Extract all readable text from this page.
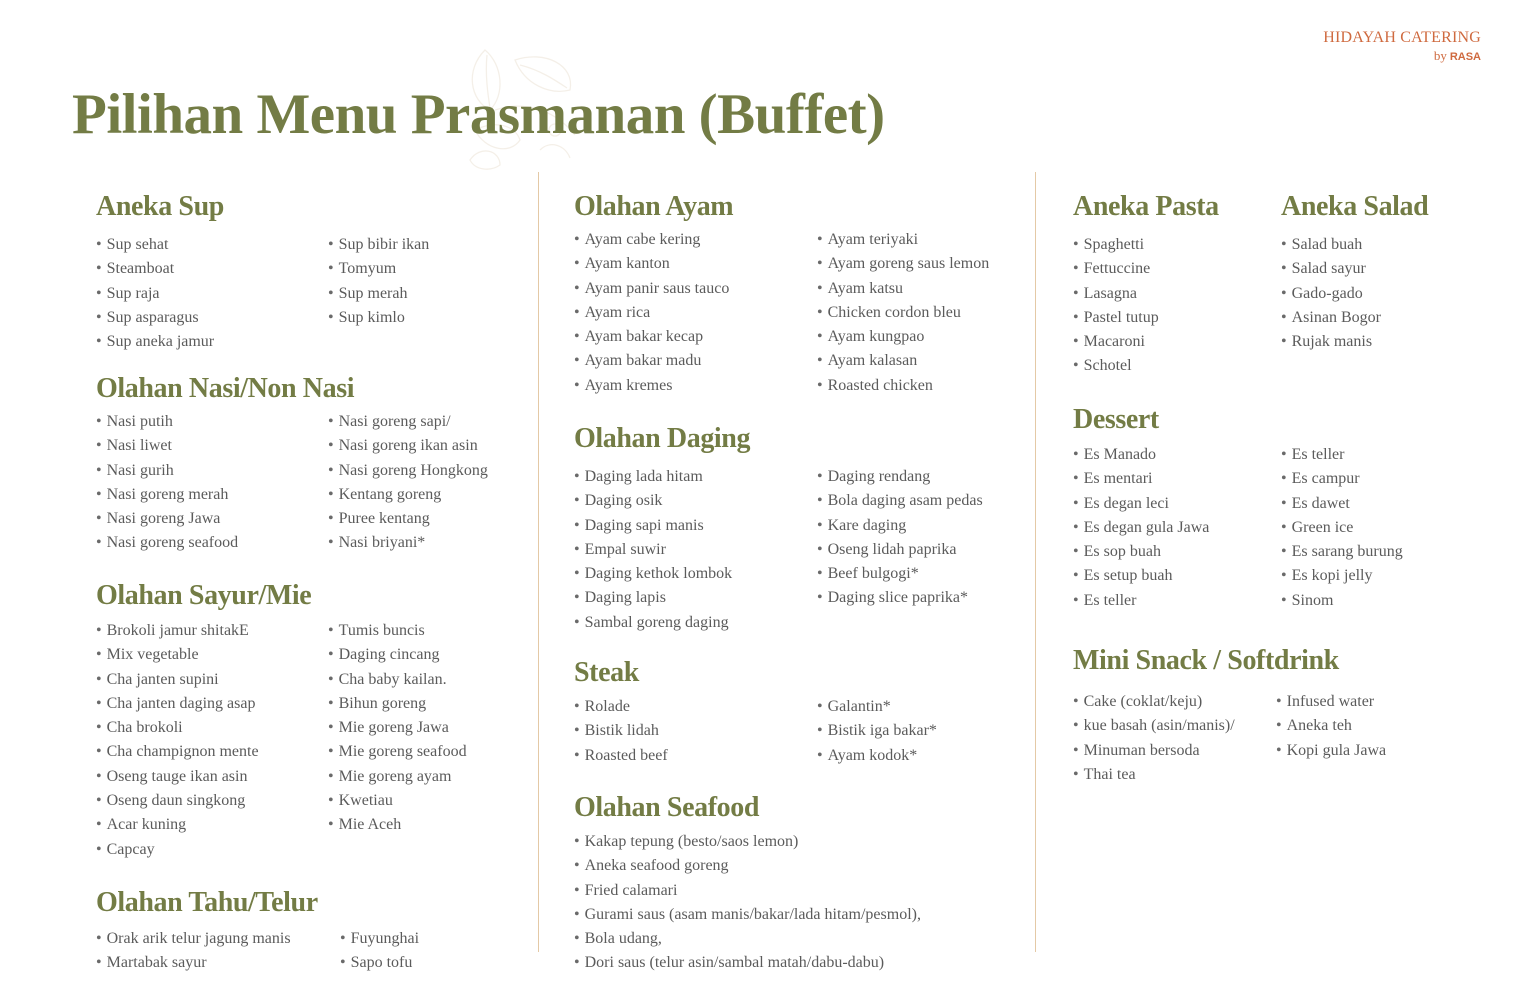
HIDAYAH CATERING
by RASA
Pilihan Menu Prasmanan (Buffet)
Aneka Sup
• Sup sehat
• Steamboat
• Sup raja
• Sup asparagus
• Sup aneka jamur
• Sup bibir ikan
• Tomyum
• Sup merah
• Sup kimlo
Olahan Nasi/Non Nasi
• Nasi putih
• Nasi liwet
• Nasi gurih
• Nasi goreng merah
• Nasi goreng Jawa
• Nasi goreng seafood
• Nasi goreng sapi/
• Nasi goreng ikan asin
• Nasi goreng Hongkong
• Kentang goreng
• Puree kentang
• Nasi briyani*
Olahan Sayur/Mie
• Brokoli jamur shitakE
• Mix vegetable
• Cha janten supini
• Cha janten daging asap
• Cha brokoli
• Cha champignon mente
• Oseng tauge ikan asin
• Oseng daun singkong
• Acar kuning
• Capcay
• Tumis buncis
• Daging cincang
• Cha baby kailan.
• Bihun goreng
• Mie goreng Jawa
• Mie goreng seafood
• Mie goreng ayam
• Kwetiau
• Mie Aceh
Olahan Tahu/Telur
• Orak arik telur jagung manis
• Martabak sayur
• Fuyunghai
• Sapo tofu
Olahan Ayam
• Ayam cabe kering
• Ayam kanton
• Ayam panir saus tauco
• Ayam rica
• Ayam bakar kecap
• Ayam bakar madu
• Ayam kremes
• Ayam teriyaki
• Ayam goreng saus lemon
• Ayam katsu
• Chicken cordon bleu
• Ayam kungpao
• Ayam kalasan
• Roasted chicken
Olahan Daging
• Daging lada hitam
• Daging osik
• Daging sapi manis
• Empal suwir
• Daging kethok lombok
• Daging lapis
• Sambal goreng daging
• Daging rendang
• Bola daging asam pedas
• Kare daging
• Oseng lidah paprika
• Beef bulgogi*
• Daging slice paprika*
Steak
• Rolade
• Bistik lidah
• Roasted beef
• Galantin*
• Bistik iga bakar*
• Ayam kodok*
Olahan Seafood
• Kakap tepung (besto/saos lemon)
• Aneka seafood goreng
• Fried calamari
• Gurami saus (asam manis/bakar/lada hitam/pesmol),
• Bola udang,
• Dori saus (telur asin/sambal matah/dabu-dabu)
Aneka Pasta
• Spaghetti
• Fettuccine
• Lasagna
• Pastel tutup
• Macaroni
• Schotel
Aneka Salad
• Salad buah
• Salad sayur
• Gado-gado
• Asinan Bogor
• Rujak manis
Dessert
• Es Manado
• Es mentari
• Es degan leci
• Es degan gula Jawa
• Es sop buah
• Es setup buah
• Es teller
• Es teller
• Es campur
• Es dawet
• Green ice
• Es sarang burung
• Es kopi jelly
• Sinom
Mini Snack / Softdrink
• Cake (coklat/keju)
• kue basah (asin/manis)/
• Minuman bersoda
• Thai tea
• Infused water
• Aneka teh
• Kopi gula Jawa
